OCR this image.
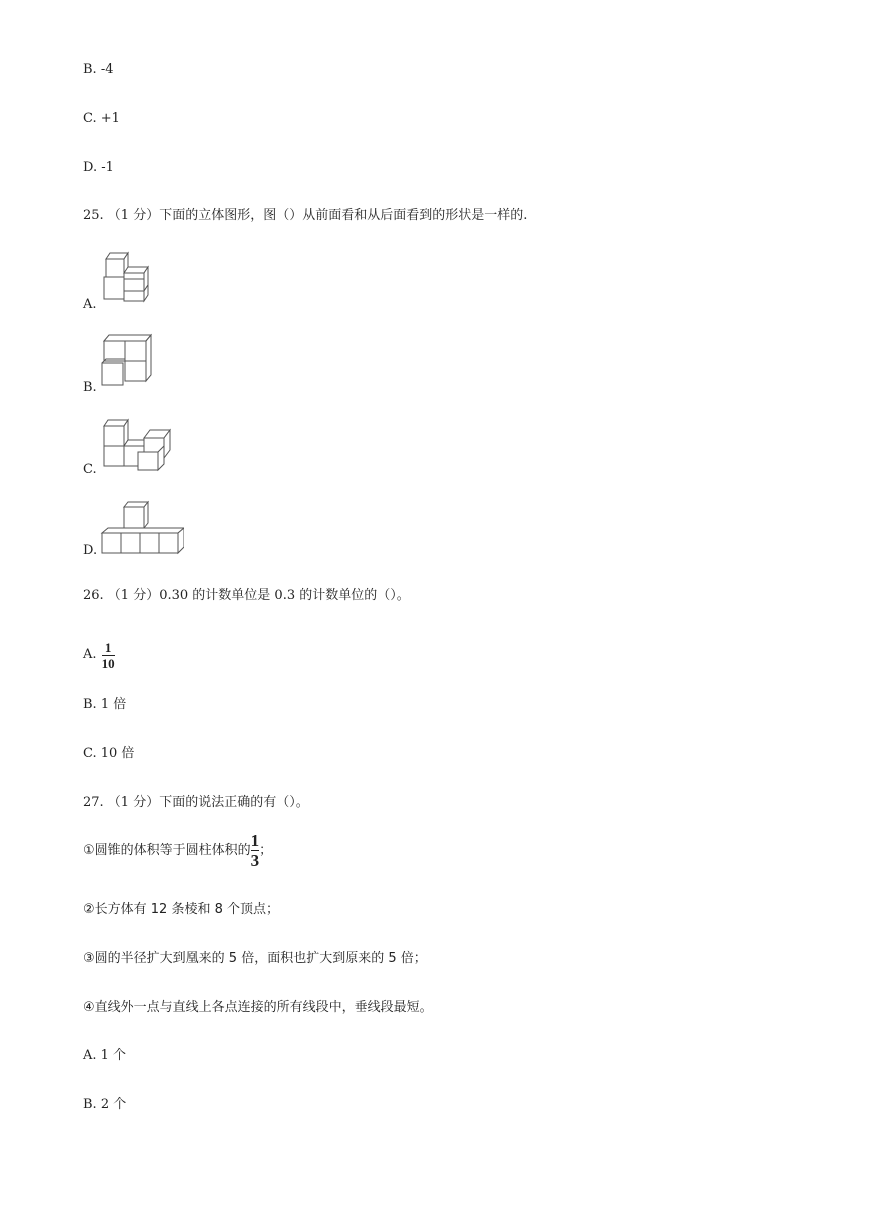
B. -4
C. +1
D. -1
25. （1 分）下面的立体图形，图（）从前面看和从后面看到的形状是一样的.
A.
B.
C.
D.
26. （1 分）0.30 的计数单位是 0.3 的计数单位的（）。
A. $\frac{1}{10}$
B. 1 倍
C. 10 倍
27. （1 分）下面的说法正确的有（）。
①圆锥的体积等于圆柱体积的 $\frac{1}{3}$ ；
②长方体有 12 条棱和 8 个顶点；
③圆的半径扩大到凰来的 5 倍，面积也扩大到原来的 5 倍；
④直线外一点与直线上各点连接的所有线段中，垂线段最短。
A. 1 个
B. 2 个
